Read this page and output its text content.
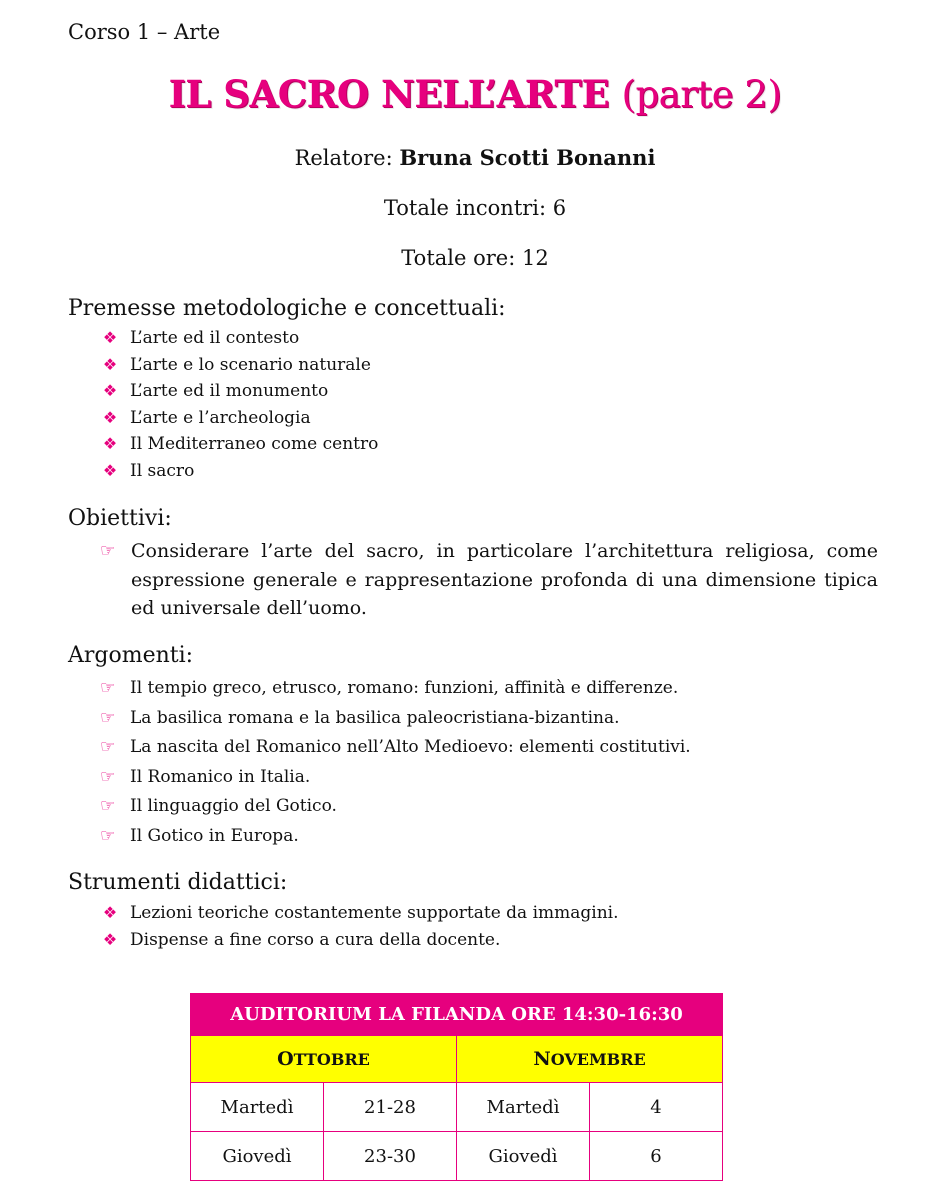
Corso 1 – Arte
IL SACRO NELL’ARTE (parte 2)
Relatore: Bruna Scotti Bonanni
Totale incontri: 6
Totale ore: 12
Premesse metodologiche e concettuali:
❖ L’arte ed il contesto
❖ L’arte e lo scenario naturale
❖ L’arte ed il monumento
❖ L’arte e l’archeologia
❖ Il Mediterraneo come centro
❖ Il sacro
Obiettivi:
☞ Considerare l’arte del sacro, in particolare l’architettura religiosa, come espressione generale e rappresentazione profonda di una dimensione tipica ed universale dell’uomo.

Argomenti:
☞ Il tempio greco, etrusco, romano: funzioni, affinità e differenze.
☞ La basilica romana e la basilica paleocristiana-bizantina.
☞ La nascita del Romanico nell’Alto Medioevo: elementi costitutivi.
☞ Il Romanico in Italia.
☞ Il linguaggio del Gotico.
☞ Il Gotico in Europa.
Strumenti didattici:
❖ Lezioni teoriche costantemente supportate da immagini.
❖ Dispense a fine corso a cura della docente.
AUDITORIUM LA FILANDA ORE 14:30-16:30			
OTTOBRE		NOVEMBRE	
Martedì	21-28	Martedì	4
Giovedì	23-30	Giovedì	6
